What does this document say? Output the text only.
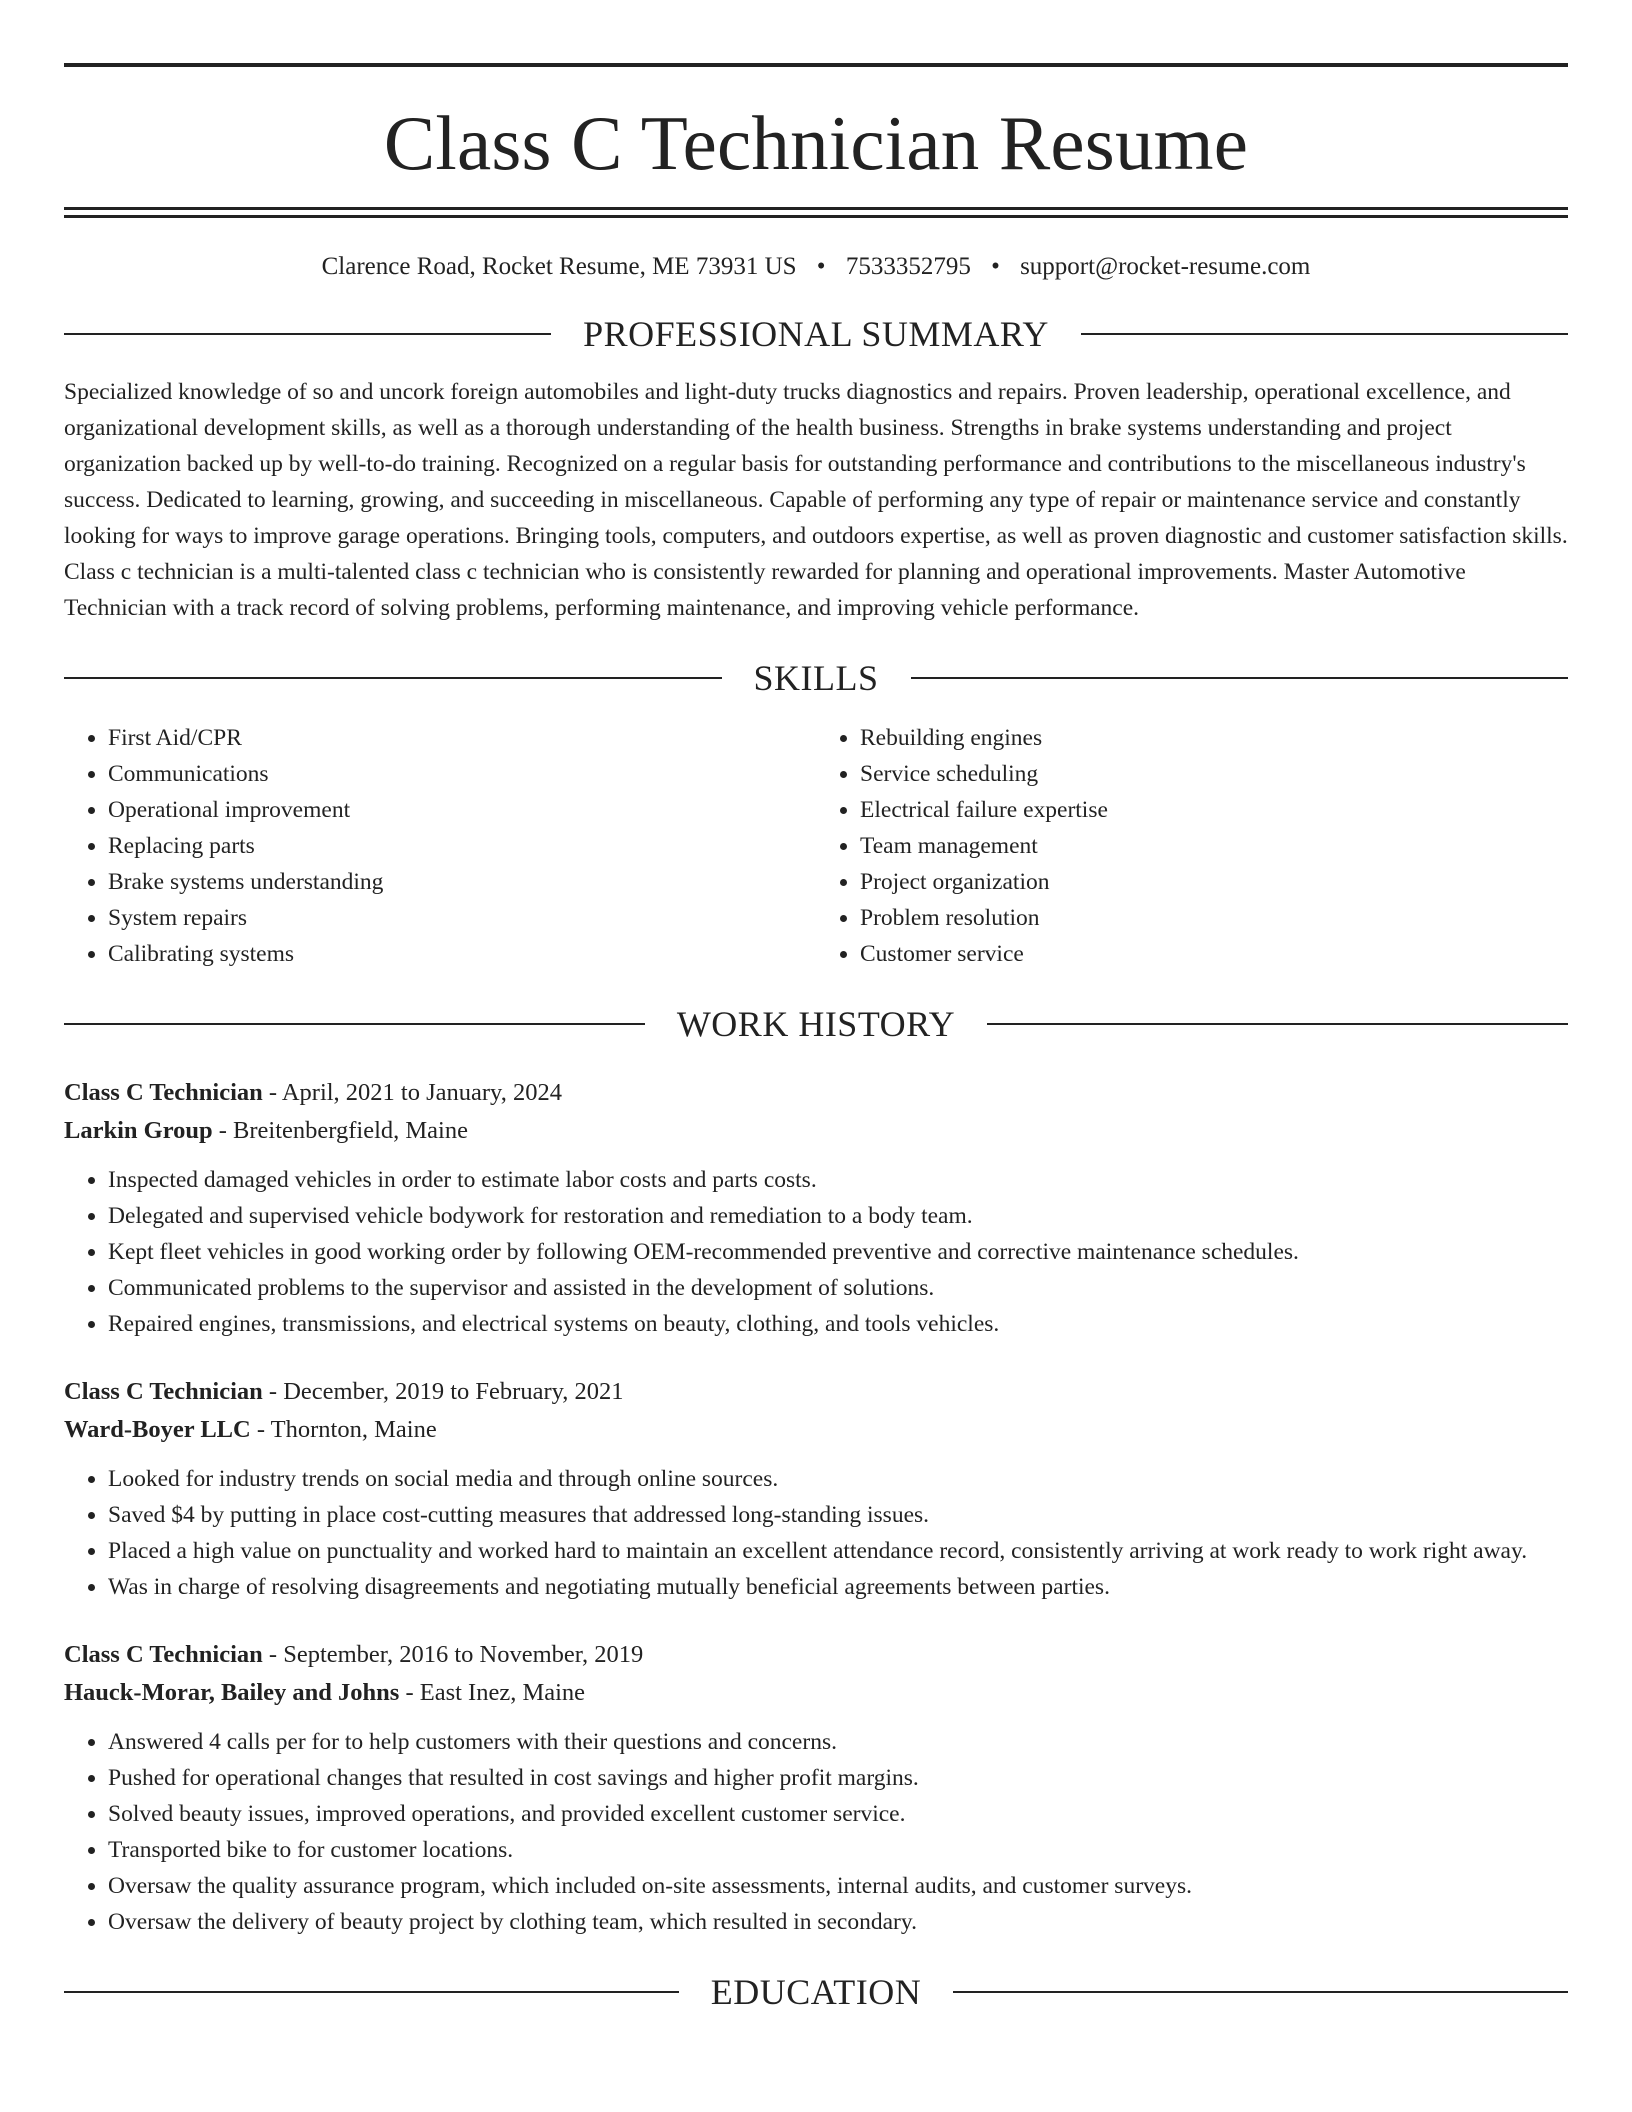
Class C Technician Resume
Clarence Road, Rocket Resume, ME 73931 US • 7533352795 • support@rocket-resume.com
PROFESSIONAL SUMMARY
Specialized knowledge of so and uncork foreign automobiles and light-duty trucks diagnostics and repairs. Proven leadership, operational excellence, and organizational development skills, as well as a thorough understanding of the health business. Strengths in brake systems understanding and project organization backed up by well-to-do training. Recognized on a regular basis for outstanding performance and contributions to the miscellaneous industry's success. Dedicated to learning, growing, and succeeding in miscellaneous. Capable of performing any type of repair or maintenance service and constantly looking for ways to improve garage operations. Bringing tools, computers, and outdoors expertise, as well as proven diagnostic and customer satisfaction skills. Class c technician is a multi-talented class c technician who is consistently rewarded for planning and operational improvements. Master Automotive Technician with a track record of solving problems, performing maintenance, and improving vehicle performance.
SKILLS
• First Aid/CPR
• Communications
• Operational improvement
• Replacing parts
• Brake systems understanding
• System repairs
• Calibrating systems
• Rebuilding engines
• Service scheduling
• Electrical failure expertise
• Team management
• Project organization
• Problem resolution
• Customer service
WORK HISTORY
Class C Technician - April, 2021 to January, 2024
Larkin Group - Breitenbergfield, Maine
• Inspected damaged vehicles in order to estimate labor costs and parts costs.
• Delegated and supervised vehicle bodywork for restoration and remediation to a body team.
• Kept fleet vehicles in good working order by following OEM-recommended preventive and corrective maintenance schedules.
• Communicated problems to the supervisor and assisted in the development of solutions.
• Repaired engines, transmissions, and electrical systems on beauty, clothing, and tools vehicles.
Class C Technician - December, 2019 to February, 2021
Ward-Boyer LLC - Thornton, Maine
• Looked for industry trends on social media and through online sources.
• Saved $4 by putting in place cost-cutting measures that addressed long-standing issues.
• Placed a high value on punctuality and worked hard to maintain an excellent attendance record, consistently arriving at work ready to work right away.
• Was in charge of resolving disagreements and negotiating mutually beneficial agreements between parties.
Class C Technician - September, 2016 to November, 2019
Hauck-Morar, Bailey and Johns - East Inez, Maine
• Answered 4 calls per for to help customers with their questions and concerns.
• Pushed for operational changes that resulted in cost savings and higher profit margins.
• Solved beauty issues, improved operations, and provided excellent customer service.
• Transported bike to for customer locations.
• Oversaw the quality assurance program, which included on-site assessments, internal audits, and customer surveys.
• Oversaw the delivery of beauty project by clothing team, which resulted in secondary.
EDUCATION
